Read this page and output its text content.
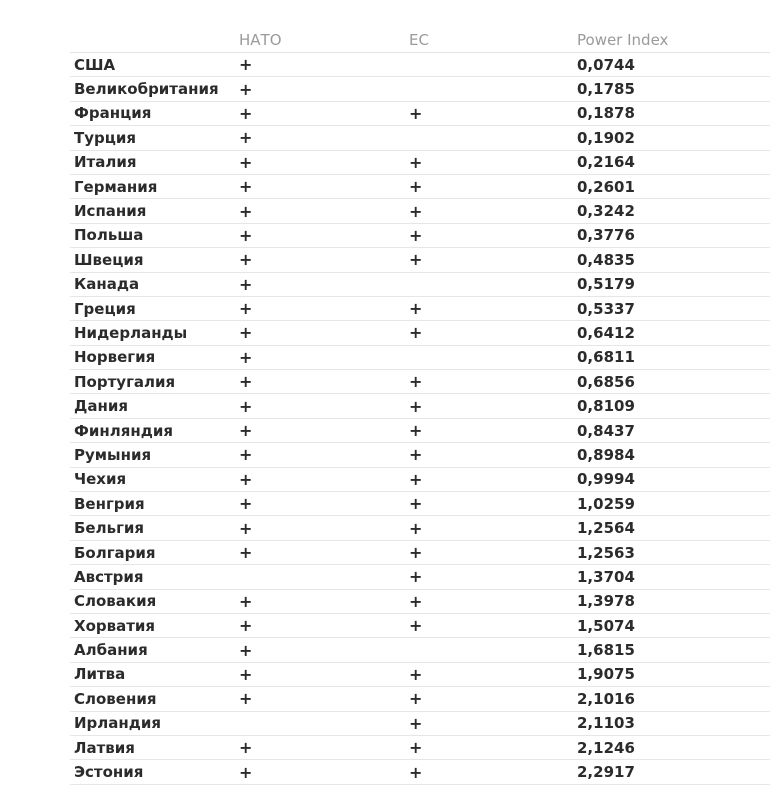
	НАТО	ЕС	Power Index
США	+		0,0744
Великобритания	+		0,1785
Франция	+	+	0,1878
Турция	+		0,1902
Италия	+	+	0,2164
Германия	+	+	0,2601
Испания	+	+	0,3242
Польша	+	+	0,3776
Швеция	+	+	0,4835
Канада	+		0,5179
Греция	+	+	0,5337
Нидерланды	+	+	0,6412
Норвегия	+		0,6811
Португалия	+	+	0,6856
Дания	+	+	0,8109
Финляндия	+	+	0,8437
Румыния	+	+	0,8984
Чехия	+	+	0,9994
Венгрия	+	+	1,0259
Бельгия	+	+	1,2564
Болгария	+	+	1,2563
Австрия		+	1,3704
Словакия	+	+	1,3978
Хорватия	+	+	1,5074
Албания	+		1,6815
Литва	+	+	1,9075
Словения	+	+	2,1016
Ирландия		+	2,1103
Латвия	+	+	2,1246
Эстония	+	+	2,2917
